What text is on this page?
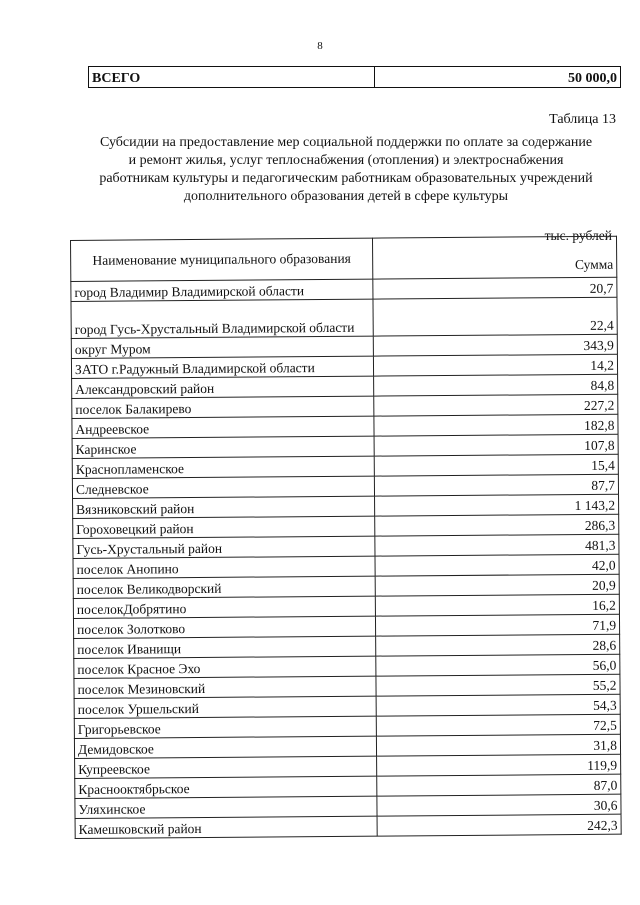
8
ВСЕГО	50 000,0
Таблица 13
Субсидии на предоставление мер социальной поддержки по оплате за содержание и ремонт жилья, услуг теплоснабжения (отопления) и электроснабжения работникам культуры и педагогическим работникам образовательных учреждений дополнительного образования детей в сфере культуры
тыс. рублей
Наименование муниципального образования	Сумма
город Владимир Владимирской области	20,7
город Гусь-Хрустальный Владимирской области	22,4
округ Муром	343,9
ЗАТО г.Радужный Владимирской области	14,2
Александровский район	84,8
поселок Балакирево	227,2
Андреевское	182,8
Каринское	107,8
Краснопламенское	15,4
Следневское	87,7
Вязниковский район	1 143,2
Гороховецкий район	286,3
Гусь-Хрустальный район	481,3
поселок Анопино	42,0
поселок Великодворский	20,9
поселокДобрятино	16,2
поселок Золотково	71,9
поселок Иванищи	28,6
поселок Красное Эхо	56,0
поселок Мезиновский	55,2
поселок Уршельский	54,3
Григорьевское	72,5
Демидовское	31,8
Купреевское	119,9
Краснооктябрьское	87,0
Уляхинское	30,6
Камешковский район	242,3
